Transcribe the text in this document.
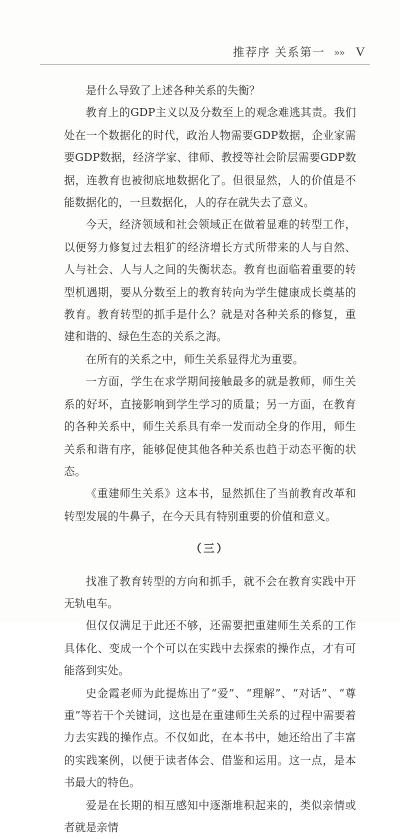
推荐序 关系第一 »» V

是什么导致了上述各种关系的失衡？

教育上的GDP主义以及分数至上的观念难逃其责。我们处在一个数据化的时代，政治人物需要GDP数据，企业家需要GDP数据，经济学家、律师、教授等社会阶层需要GDP数据，连教育也被彻底地数据化了。但很显然，人的价值是不能数据化的，一旦数据化，人的存在就失去了意义。

今天，经济领域和社会领域正在做着显难的转型工作，以便努力修复过去粗犷的经济增长方式所带来的人与自然、人与社会、人与人之间的失衡状态。教育也面临着重要的转型机遇期，要从分数至上的教育转向为学生健康成长奠基的教育。教育转型的抓手是什么？就是对各种关系的修复，重建和谐的、绿色生态的关系之海。

在所有的关系之中，师生关系显得尤为重要。

一方面，学生在求学期间接触最多的就是教师，师生关系的好坏，直接影响到学生学习的质量；另一方面，在教育的各种关系中，师生关系具有牵一发而动全身的作用，师生关系和谐有序，能够促使其他各种关系也趋于动态平衡的状态。

《重建师生关系》这本书，显然抓住了当前教育改革和转型发展的牛鼻子，在今天具有特别重要的价值和意义。

（三）

找准了教育转型的方向和抓手，就不会在教育实践中开无轨电车。

但仅仅满足于此还不够，还需要把重建师生关系的工作具体化、变成一个个可以在实践中去探索的操作点，才有可能落到实处。

史金霞老师为此提炼出了“爱”、“理解”、“对话”、“尊重”等若干个关键词，这也是在重建师生关系的过程中需要着力去实践的操作点。不仅如此，在本书中，她还给出了丰富的实践案例，以便于读者体会、借鉴和运用。这一点，是本书最大的特色。

爱是在长期的相互感知中逐渐堆积起来的，类似亲情或者就是亲情
